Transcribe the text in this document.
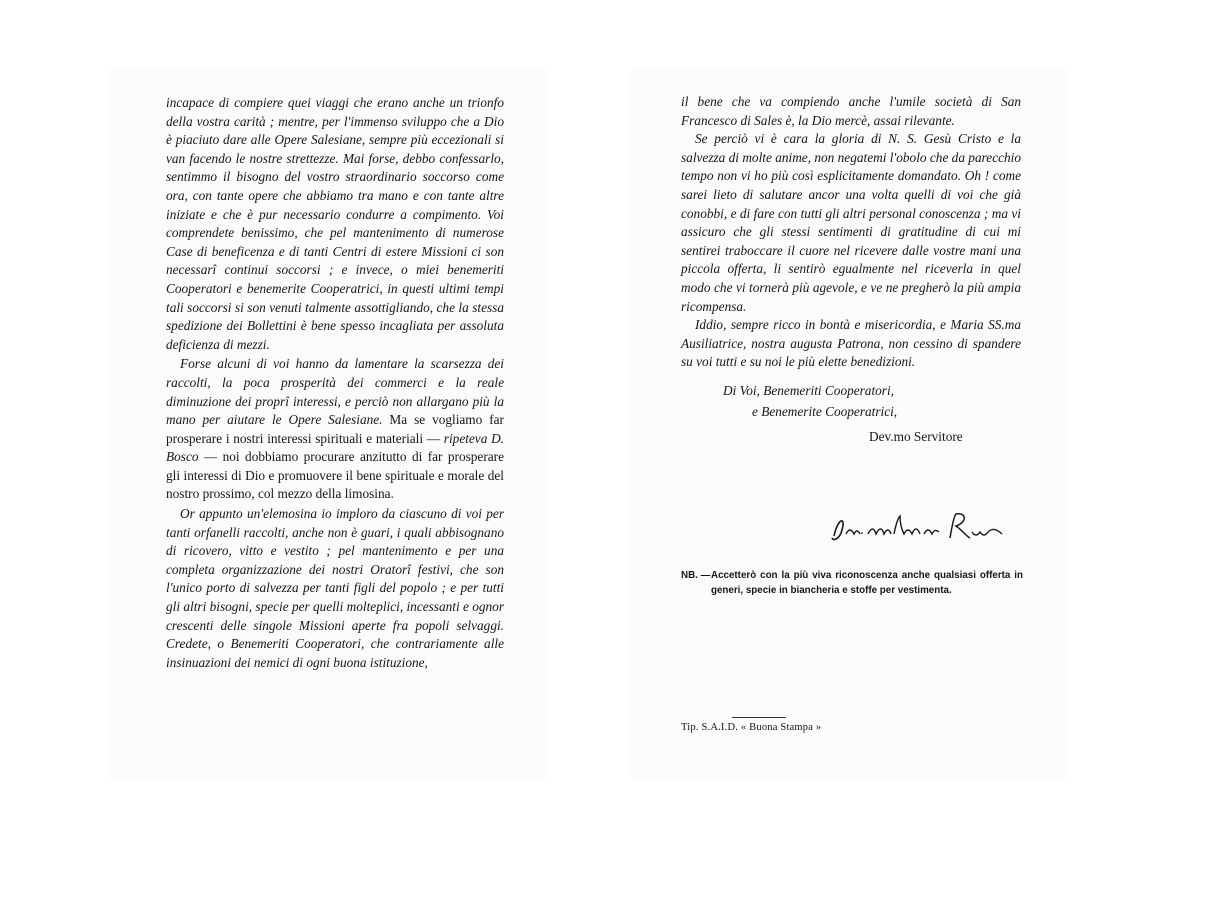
incapace di compiere quei viaggi che erano anche un trionfo della vostra carità ; mentre, per l'immenso sviluppo che a Dio è piaciuto dare alle Opere Salesiane, sempre più eccezionali si van facendo le nostre strettezze. Mai forse, debbo confessarlo, sentimmo il bisogno del vostro straordinario soccorso come ora, con tante opere che abbiamo tra mano e con tante altre iniziate e che è pur necessario condurre a compimento. Voi comprendete benissimo, che pel mantenimento di numerose Case di beneficenza e di tanti Centri di estere Missioni ci son necessarî continui soccorsi ; e invece, o miei benemeriti Cooperatori e benemerite Cooperatrici, in questi ultimi tempi tali soccorsi si son venuti talmente assottigliando, che la stessa spedizione dei Bollettini è bene spesso incagliata per assoluta deficienza di mezzi.

Forse alcuni di voi hanno da lamentare la scarsezza dei raccolti, la poca prosperità dei commerci e la reale diminuzione dei proprî interessi, e perciò non allargano più la mano per aiutare le Opere Salesiane. Ma se vogliamo far prosperare i nostri interessi spirituali e materiali — ripeteva D. Bosco — noi dobbiamo procurare anzitutto di far prosperare gli interessi di Dio e promuovere il bene spirituale e morale del nostro prossimo, col mezzo della limosina.

Or appunto un'elemosina io imploro da ciascuno di voi per tanti orfanelli raccolti, anche non è guari, i quali abbisognano di ricovero, vitto e vestito ; pel mantenimento e per una completa organizzazione dei nostri Oratorî festivi, che son l'unico porto di salvezza per tanti figli del popolo ; e per tutti gli altri bisogni, specie per quelli molteplici, incessanti e ognor crescenti delle singole Missioni aperte fra popoli selvaggi. Credete, o Benemeriti Cooperatori, che contrariamente alle insinuazioni dei nemici di ogni buona istituzione,

il bene che va compiendo anche l'umile società di San Francesco di Sales è, la Dio mercè, assai rilevante.

Se perciò vi è cara la gloria di N. S. Gesù Cristo e la salvezza di molte anime, non negatemi l'obolo che da parecchio tempo non vi ho più così esplicitamente domandato. Oh ! come sarei lieto di salutare ancor una volta quelli di voi che già conobbi, e di fare con tutti gli altri personal conoscenza ; ma vi assicuro che gli stessi sentimenti di gratitudine di cui mi sentirei traboccare il cuore nel ricevere dalle vostre mani una piccola offerta, li sentirò egualmente nel riceverla in quel modo che vi tornerà più agevole, e ve ne pregherò la più ampia ricompensa.

Iddio, sempre ricco in bontà e misericordia, e Maria SS.ma Ausiliatrice, nostra augusta Patrona, non cessino di spandere su voi tutti e su noi le più elette benedizioni.

Di Voi, Benemeriti Cooperatori,
e Benemerite Cooperatrici,
Dev.mo Servitore
NB. — Accetterò con la più viva riconoscenza anche qualsiasi offerta in generi, specie in biancheria e stoffe per vestimenta.
Tip. S.A.I.D. « Buona Stampa »
